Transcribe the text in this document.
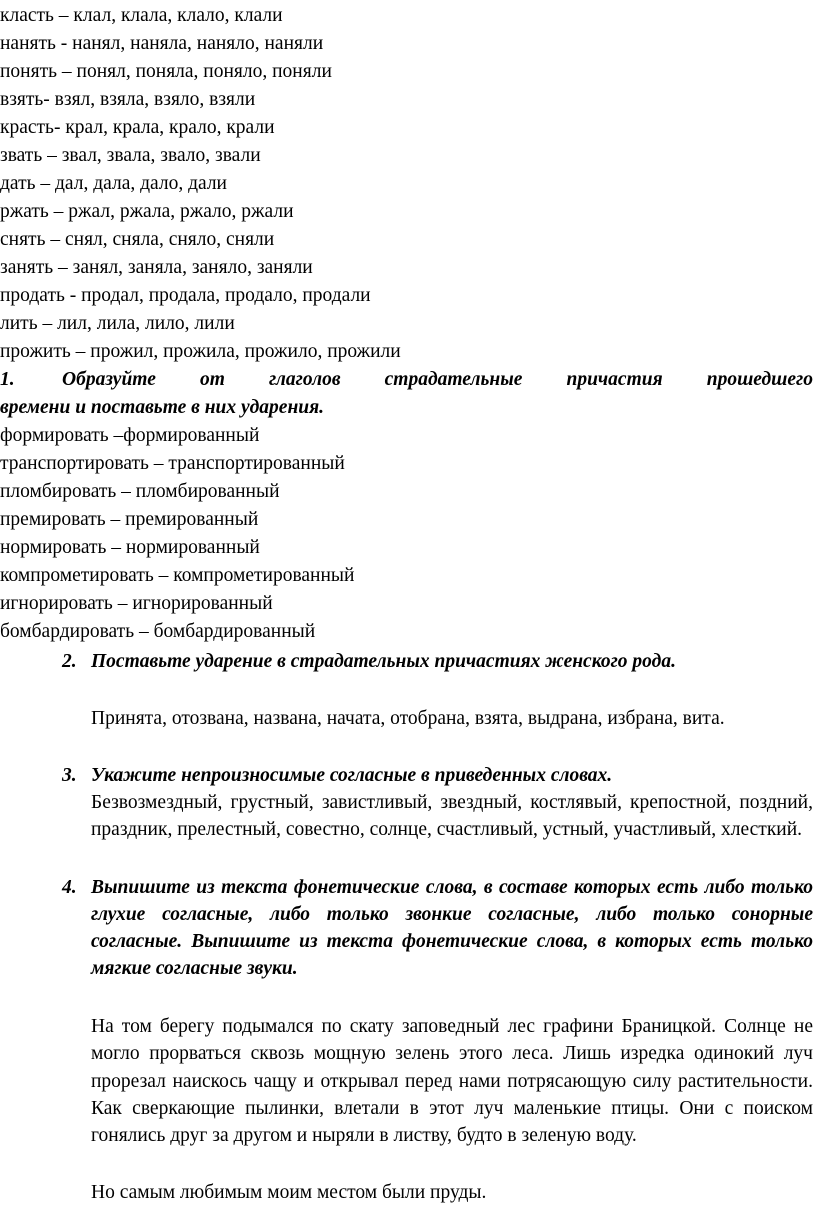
класть – клал, клала, клало, клали
нанять - нанял, наняла, наняло, наняли
понять – понял, поняла, поняло, поняли
взять- взял, взяла, взяло, взяли
красть- крал, крала, крало, крали
звать – звал, звала, звало, звали
дать – дал, дала, дало, дали
ржать – ржал, ржала, ржало, ржали
снять – снял, сняла, сняло, сняли
занять – занял, заняла, заняло, заняли
продать - продал, продала, продало, продали
лить – лил, лила, лило, лили
прожить – прожил, прожила, прожило, прожили
1. Образуйте от глаголов страдательные причастия прошедшего
времени и поставьте в них ударения.
формировать –формированный
транспортировать – транспортированный
пломбировать – пломбированный
премировать – премированный
нормировать – нормированный
компрометировать – компрометированный
игнорировать – игнорированный
бомбардировать – бомбардированный
2. Поставьте ударение в страдательных причастиях женского рода.
Принята, отозвана, названа, начата, отобрана, взята, выдрана, избрана, вита.
3. Укажите непроизносимые согласные в приведенных словах.
Безвозмездный, грустный, завистливый, звездный, костлявый, крепостной, поздний, праздник, прелестный, совестно, солнце, счастливый, устный, участливый, хлесткий.
4. Выпишите из текста фонетические слова, в составе которых есть либо только глухие согласные, либо только звонкие согласные, либо только сонорные согласные. Выпишите из текста фонетические слова, в которых есть только мягкие согласные звуки.
На том берегу подымался по скату заповедный лес графини Браницкой. Солнце не могло прорваться сквозь мощную зелень этого леса. Лишь изредка одинокий луч прорезал наискось чащу и открывал перед нами потрясающую силу растительности. Как сверкающие пылинки, влетали в этот луч маленькие птицы. Они с поиском гонялись друг за другом и ныряли в листву, будто в зеленую воду.
Но самым любимым моим местом были пруды.
